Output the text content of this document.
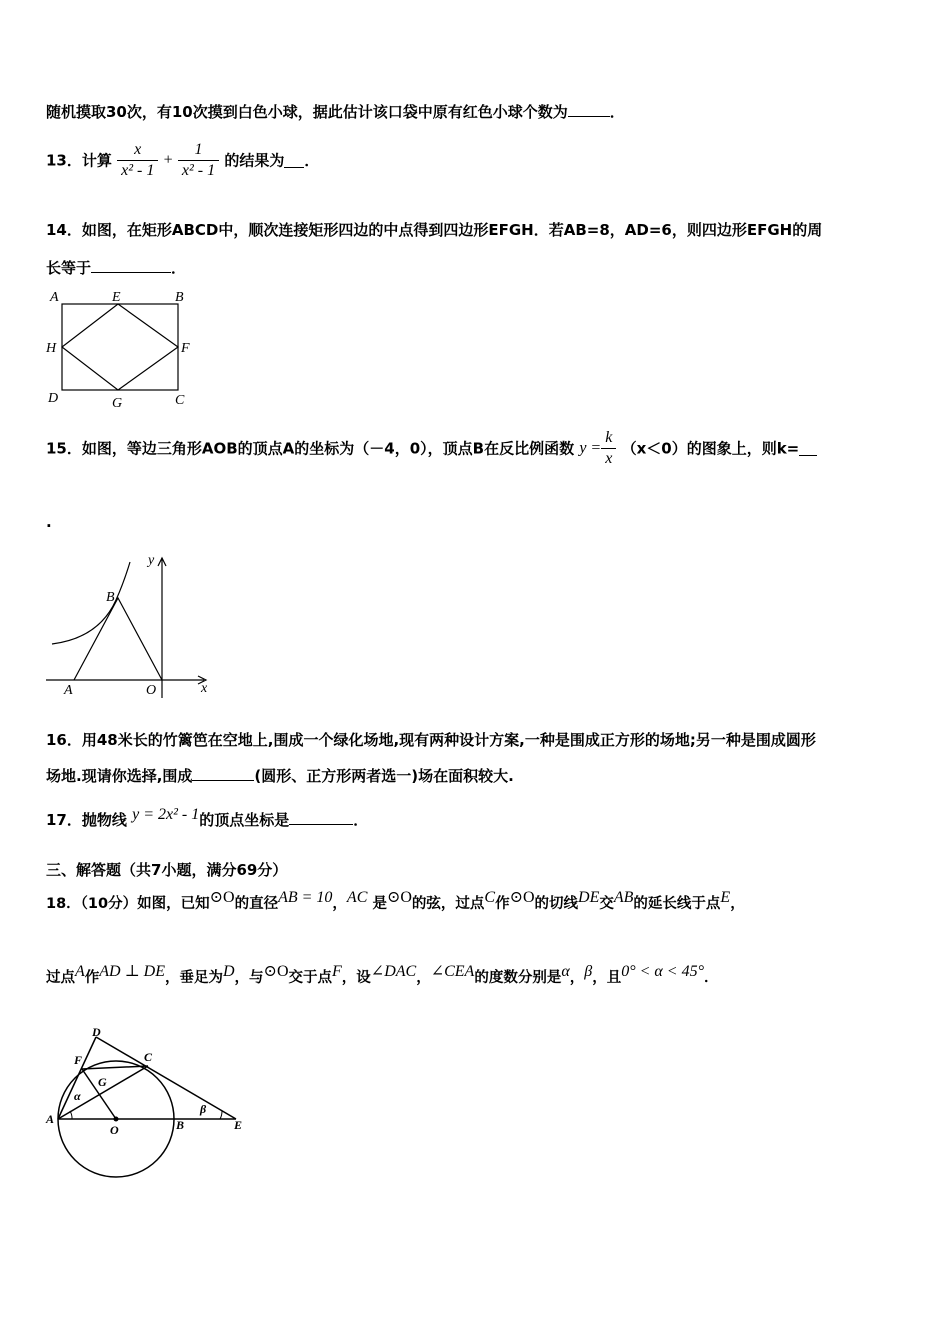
随机摸取30次，有10次摸到白色小球，据此估计该口袋中原有红色小球个数为	．
13．计算 $\frac{x}{\text{x² - 1}} + \frac{1}{\text{x² - 1}}$ 的结果为 ．
14．如图，在矩形ABCD中，顺次连接矩形四边的中点得到四边形EFGH．若AB=8，AD=6，则四边形EFGH的周
长等于	．
A	E	B
H	F
D	G	C
15．如图，等边三角形AOB的顶点A的坐标为（－4，0），顶点B在反比例函数 $y = \frac{k}{x} (x<0)$的图象上，则k=
.
y
B
A	O	x
16．用48米长的竹篱笆在空地上,围成一个绿化场地,现有两种设计方案,一种是围成正方形的场地;另一种是围成圆形
场地.现请你选择,围成	(圆形、正方形两者选一)场在面积较大.
17．抛物线 y = 2x² - 1的顶点坐标是	．
三、解答题（共7小题，满分69分）
18．（10分）如图，已知⊙O的直径AB = 10，AC 是⊙O的弦，过点C作⊙O的切线DE交AB的延长线于点E，
过点A作AD ⊥ DE，垂足为D，与⊙O交于点F，设∠DAC，∠CEA的度数分别是α，β，且0° < α < 45°．
D
F	C
G
α
A
O	B
β
E
